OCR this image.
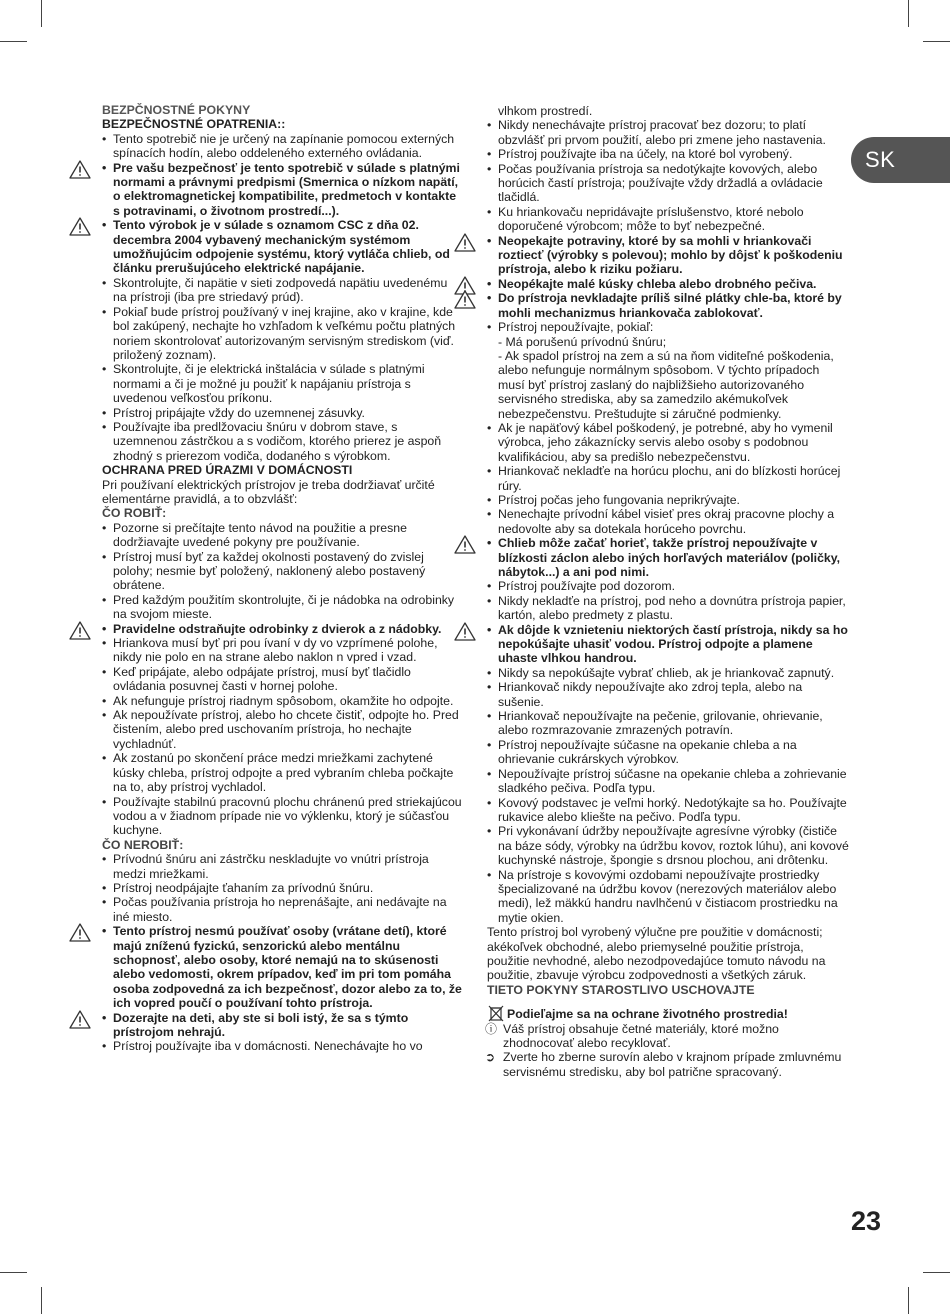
SK
23

BEZPČNOSTNÉ POKYNY

BEZPEČNOSTNÉ OPATRENIA::

• Tento spotrebič nie je určený na zapínanie pomocou externých spínacích hodín, alebo oddeleného externého ovládania.
• Pre vašu bezpečnosť je tento spotrebič v súlade s platnými normami a právnymi predpismi (Smernica o nízkom napätí, o elektromagnetickej kompatibilite, predmetoch v kontakte s potravinami, o životnom prostredí...).
• Tento výrobok je v súlade s oznamom CSC z dňa 02. decembra 2004 vybavený mechanickým systémom umožňujúcim odpojenie systému, ktorý vytláča chlieb, od článku prerušujúceho elektrické napájanie.
• Skontrolujte, či napätie v sieti zodpovedá napätiu uvedenému na prístroji (iba pre striedavý prúd).
• Pokiaľ bude prístroj používaný v inej krajine, ako v krajine, kde bol zakúpený, nechajte ho vzhľadom k veľkému počtu platných noriem skontrolovať autorizovaným servisným strediskom (viď. priložený zoznam).
• Skontrolujte, či je elektrická inštalácia v súlade s platnými normami a či je možné ju použiť k napájaniu prístroja s uvedenou veľkosťou príkonu.
• Prístroj pripájajte vždy do uzemnenej zásuvky.
• Používajte iba predlžovaciu šnúru v dobrom stave, s uzemnenou zástrčkou a s vodičom, ktorého prierez je aspoň zhodný s prierezom vodiča, dodaného s výrobkom.

OCHRANA PRED ÚRAZMI V DOMÁCNOSTI

Pri používaní elektrických prístrojov je treba dodržiavať určité elementárne pravidlá, a to obzvlášť:

ČO ROBIŤ:

• Pozorne si prečítajte tento návod na použitie a presne dodržiavajte uvedené pokyny pre používanie.
• Prístroj musí byť za každej okolnosti postavený do zvislej polohy; nesmie byť položený, naklonený alebo postavený obrátene.
• Pred každým použitím skontrolujte, či je nádobka na odrobinky na svojom mieste.
• Pravidelne odstraňujte odrobinky z dvierok a z nádobky.
• Hriankova musí byť pri pou ívaní v dy vo vzprímené polohe, nikdy nie polo en na strane alebo naklon n vpred i vzad.
• Keď pripájate, alebo odpájate prístroj, musí byť tlačidlo ovládania posuvnej časti v hornej polohe.
• Ak nefunguje prístroj riadnym spôsobom, okamžite ho odpojte.
• Ak nepoužívate prístroj, alebo ho chcete čistiť, odpojte ho. Pred čistením, alebo pred uschovaním prístroja, ho nechajte vychladnúť.
• Ak zostanú po skončení práce medzi mriežkami zachytené kúsky chleba, prístroj odpojte a pred vybraním chleba počkajte na to, aby prístroj vychladol.
• Používajte stabilnú pracovnú plochu chránenú pred striekajúcou vodou a v žiadnom prípade nie vo výklenku, ktorý je súčasťou kuchyne.

ČO NEROBIŤ:

• Prívodnú šnúru ani zástrčku neskladujte vo vnútri prístroja medzi mriežkami.
• Prístroj neodpájajte ťahaním za prívodnú šnúru.
• Počas používania prístroja ho neprenášajte, ani nedávajte na iné miesto.
• Tento prístroj nesmú používať osoby (vrátane detí), ktoré majú zníženú fyzickú, senzorickú alebo mentálnu schopnosť, alebo osoby, ktoré nemajú na to skúsenosti alebo vedomosti, okrem prípadov, keď im pri tom pomáha osoba zodpovedná za ich bezpečnosť, dozor alebo za to, že ich vopred poučí o používaní tohto prístroja.
• Dozerajte na deti, aby ste si boli istý, že sa s týmto prístrojom nehrajú.
• Prístroj používajte iba v domácnosti. Nenechávajte ho vo

vlhkom prostredí.

• Nikdy nenechávajte prístroj pracovať bez dozoru; to platí obzvlášť pri prvom použití, alebo pri zmene jeho nastavenia.
• Prístroj používajte iba na účely, na ktoré bol vyrobený.
• Počas používania prístroja sa nedotýkajte kovových, alebo horúcich častí prístroja; používajte vždy držadlá a ovládacie tlačidlá.
• Ku hriankovaču nepridávajte príslušenstvo, ktoré nebolo doporučené výrobcom; môže to byť nebezpečné.
• Neopekajte potraviny, ktoré by sa mohli v hriankovači roztiecť (výrobky s polevou); mohlo by dôjsť k poškodeniu prístroja, alebo k riziku požiaru.
• Neopékajte malé kúsky chleba alebo drobného pečiva.
• Do prístroja nevkladajte príliš silné plátky chle-ba, ktoré by mohli mechanizmus hriankovača zablokovať.
• Prístroj nepoužívajte, pokiaľ:

- Má porušenú prívodnú šnúru;

- Ak spadol prístroj na zem a sú na ňom viditeľné poškodenia, alebo nefunguje normálnym spôsobom. V týchto prípadoch musí byť prístroj zaslaný do najbližšieho autorizovaného servisného strediska, aby sa zamedzilo akémukoľvek nebezpečenstvu. Preštudujte si záručné podmienky.

• Ak je napäťový kábel poškodený, je potrebné, aby ho vymenil výrobca, jeho zákaznícky servis alebo osoby s podobnou kvalifikáciou, aby sa predišlo nebezpečenstvu.
• Hriankovač nekladťe na horúcu plochu, ani do blízkosti horúcej rúry.
• Prístroj počas jeho fungovania neprikrývajte.
• Nenechajte prívodní kábel visieť pres okraj pracovne plochy a nedovolte aby sa dotekala horúceho povrchu.
• Chlieb môže začať horieť, takže prístroj nepoužívajte v blízkosti záclon alebo iných horľavých materiálov (poličky, nábytok...) a ani pod nimi.
• Prístroj používajte pod dozorom.
• Nikdy nekladťe na prístroj, pod neho a dovnútra prístroja papier, kartón, alebo predmety z plastu.
• Ak dôjde k vznieteniu niektorých častí prístroja, nikdy sa ho nepokúšajte uhasiť vodou. Prístroj odpojte a plamene uhaste vlhkou handrou.
• Nikdy sa nepokúšajte vybrať chlieb, ak je hriankovač zapnutý.
• Hriankovač nikdy nepoužívajte ako zdroj tepla, alebo na sušenie.
• Hriankovač nepoužívajte na pečenie, grilovanie, ohrievanie, alebo rozmrazovanie zmrazených potravín.
• Prístroj nepoužívajte súčasne na opekanie chleba a na ohrievanie cukrárskych výrobkov.
• Nepoužívajte prístroj súčasne na opekanie chleba a zohrievanie sladkého pečiva. Podľa typu.
• Kovový podstavec je veľmi horký. Nedotýkajte sa ho. Používajte rukavice alebo kliešte na pečivo. Podľa typu.
• Pri vykonávaní údržby nepoužívajte agresívne výrobky (čističe na báze sódy, výrobky na údržbu kovov, roztok lúhu), ani kovové kuchynské nástroje, špongie s drsnou plochou, ani drôtenku.
• Na prístroje s kovovými ozdobami nepoužívajte prostriedky špecializované na údržbu kovov (nerezových materiálov alebo medi), lež mäkkú handru navlhčenú v čistiacom prostriedku na mytie okien.

Tento prístroj bol vyrobený výlučne pre použitie v domácnosti; akékoľvek obchodné, alebo priemyselné použitie prístroja, použitie nevhodné, alebo nezodpovedajúce tomuto návodu na použitie, zbavuje výrobcu zodpovednosti a všetkých záruk.

TIETO POKYNY STAROSTLIVO USCHOVAJTE

Podieľajme sa na ochrane životného prostredia!
ⓘ Váš prístroj obsahuje četné materiály, ktoré možno zhodnocovať alebo recyklovať.
➲ Zverte ho zberne surovín alebo v krajnom prípade zmluvnému servisnému stredisku, aby bol patrične spracovaný.
